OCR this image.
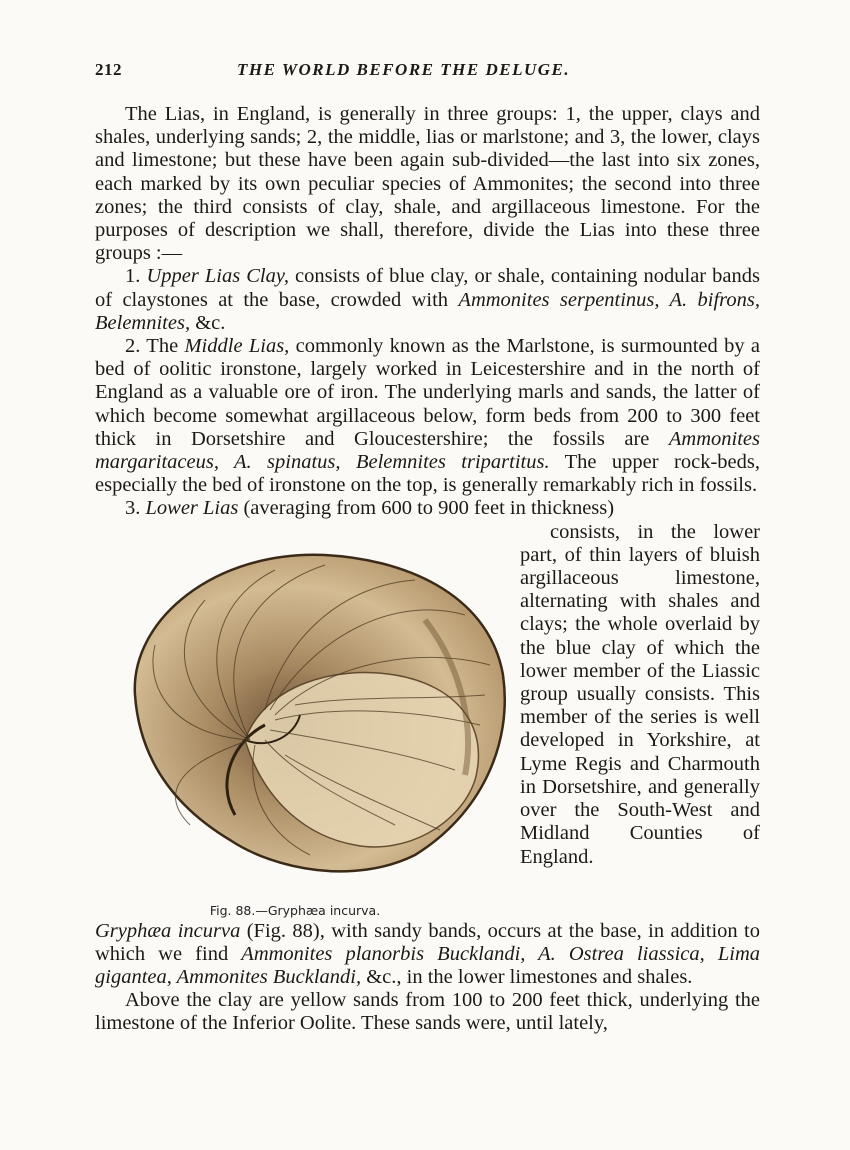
212	THE WORLD BEFORE THE DELUGE.

The Lias, in England, is generally in three groups: 1, the upper, clays and shales, underlying sands; 2, the middle, lias or marlstone; and 3, the lower, clays and limestone; but these have been again sub-divided—the last into six zones, each marked by its own peculiar species of Ammonites; the second into three zones; the third consists of clay, shale, and argillaceous limestone. For the purposes of description we shall, therefore, divide the Lias into these three groups :—

1. Upper Lias Clay, consists of blue clay, or shale, containing nodular bands of claystones at the base, crowded with Ammonites serpentinus, A. bifrons, Belemnites, &c.

2. The Middle Lias, commonly known as the Marlstone, is surmounted by a bed of oolitic ironstone, largely worked in Leicestershire and in the north of England as a valuable ore of iron. The underlying marls and sands, the latter of which become somewhat argillaceous below, form beds from 200 to 300 feet thick in Dorsetshire and Gloucestershire; the fossils are Ammonites margaritaceus, A. spinatus, Belemnites tripartitus. The upper rock-beds, especially the bed of ironstone on the top, is generally remarkably rich in fossils.

3. Lower Lias (averaging from 600 to 900 feet in thickness)

Fig. 88.—Gryphæa incurva.

consists, in the lower part, of thin layers of bluish argillaceous limestone, alternating with shales and clays; the whole overlaid by the blue clay of which the lower member of the Liassic group usually consists. This member of the series is well developed in Yorkshire, at Lyme Regis and Charmouth in Dorsetshire, and generally over the South-West and Midland Counties of England.

Gryphæa incurva (Fig. 88), with sandy bands, occurs at the base, in addition to which we find Ammonites planorbis Bucklandi, A. Ostrea liassica, Lima gigantea, Ammonites Bucklandi, &c., in the lower limestones and shales.

Above the clay are yellow sands from 100 to 200 feet thick, underlying the limestone of the Inferior Oolite. These sands were, until lately,
